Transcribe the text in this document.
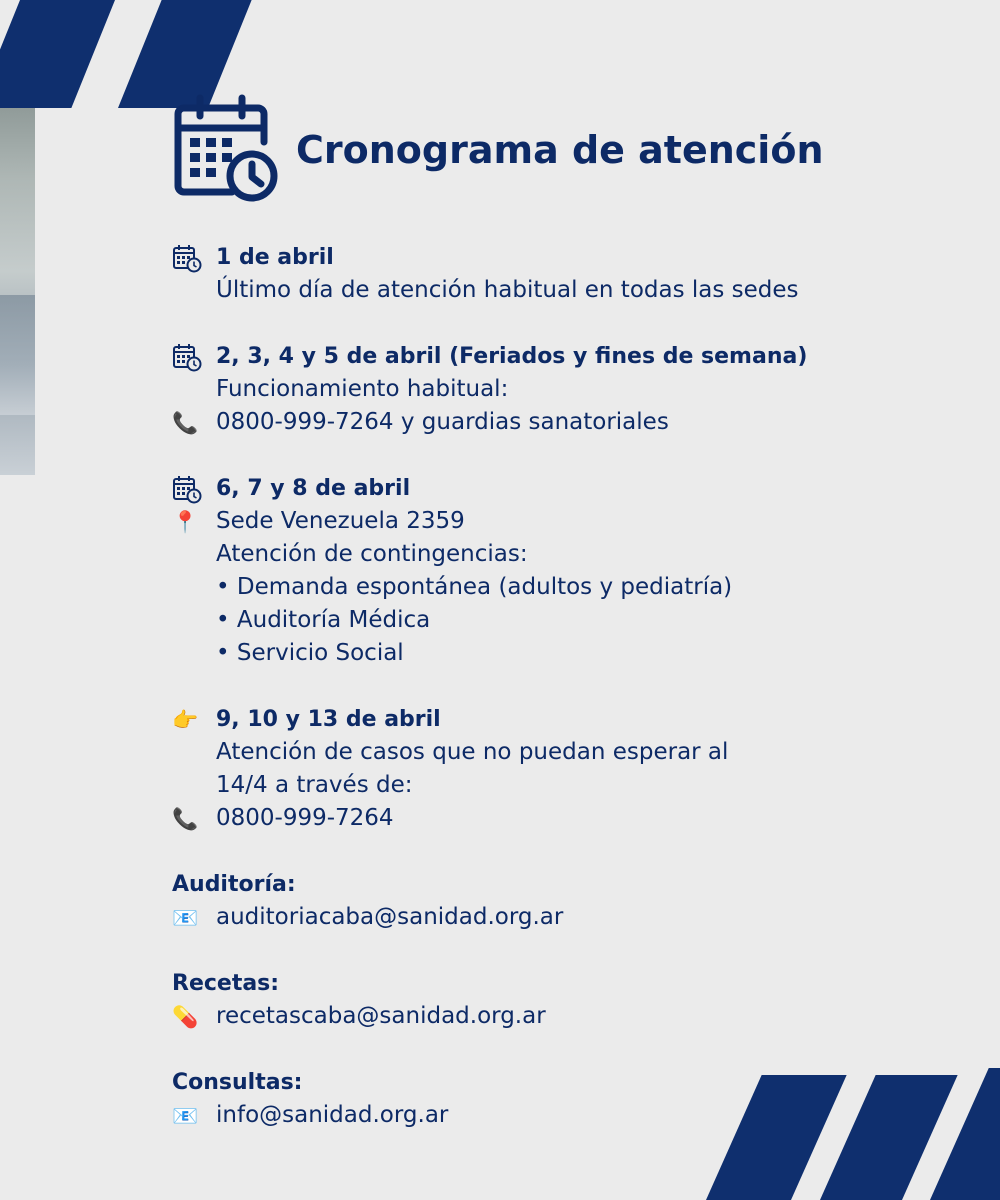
Cronograma de atención
1 de abril
Último día de atención habitual en todas las sedes
2, 3, 4 y 5 de abril (Feriados y fines de semana)
Funcionamiento habitual:
📞 0800-999-7264 y guardias sanatoriales
6, 7 y 8 de abril
📍 Sede Venezuela 2359
Atención de contingencias:
• Demanda espontánea (adultos y pediatría)
• Auditoría Médica
• Servicio Social
👉 9, 10 y 13 de abril
Atención de casos que no puedan esperar al
14/4 a través de:
📞 0800-999-7264
Auditoría:
📧 auditoriacaba@sanidad.org.ar
Recetas:
💊 recetascaba@sanidad.org.ar
Consultas:
📧 info@sanidad.org.ar
